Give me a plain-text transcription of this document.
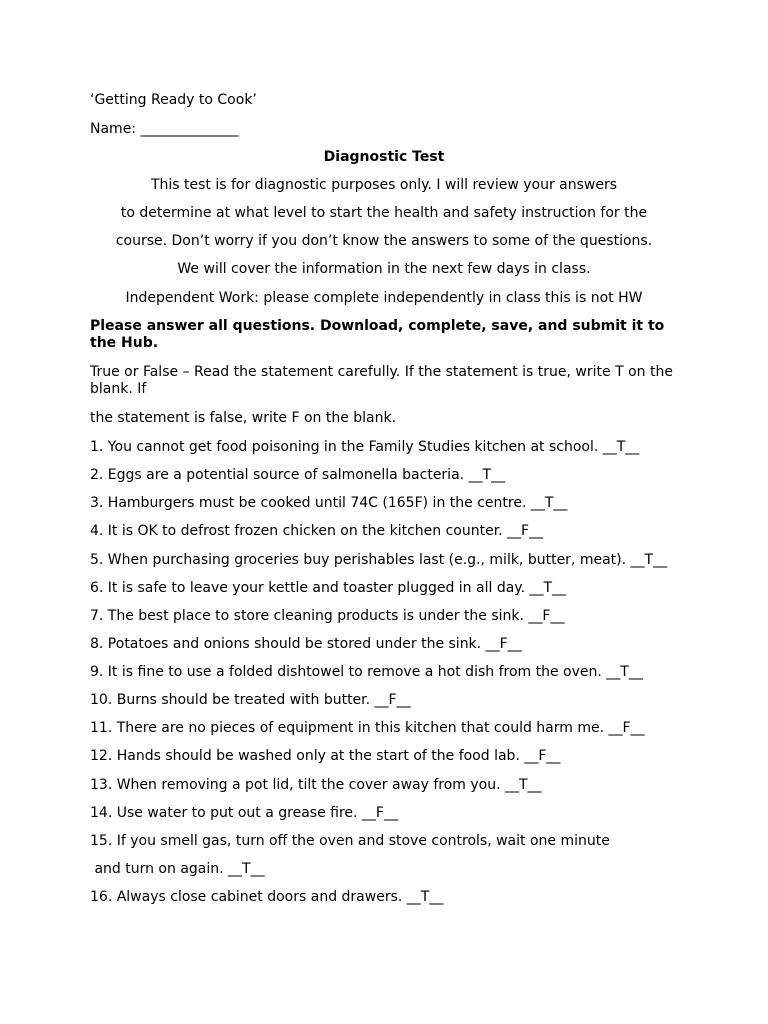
‘Getting Ready to Cook’
Name: ______________
Diagnostic Test
This test is for diagnostic purposes only. I will review your answers
to determine at what level to start the health and safety instruction for the
course. Don’t worry if you don’t know the answers to some of the questions.
We will cover the information in the next few days in class.
Independent Work: please complete independently in class this is not HW
Please answer all questions. Download, complete, save, and submit it to the Hub.
True or False – Read the statement carefully. If the statement is true, write T on the blank. If
the statement is false, write F on the blank.
1. You cannot get food poisoning in the Family Studies kitchen at school. __T__
2. Eggs are a potential source of salmonella bacteria. __T__
3. Hamburgers must be cooked until 74C (165F) in the centre. __T__
4. It is OK to defrost frozen chicken on the kitchen counter. __F__
5. When purchasing groceries buy perishables last (e.g., milk, butter, meat). __T__
6. It is safe to leave your kettle and toaster plugged in all day. __T__
7. The best place to store cleaning products is under the sink. __F__
8. Potatoes and onions should be stored under the sink. __F__
9. It is fine to use a folded dishtowel to remove a hot dish from the oven. __T__
10. Burns should be treated with butter. __F__
11. There are no pieces of equipment in this kitchen that could harm me. __F__
12. Hands should be washed only at the start of the food lab. __F__
13. When removing a pot lid, tilt the cover away from you. __T__
14. Use water to put out a grease fire. __F__
15. If you smell gas, turn off the oven and stove controls, wait one minute
and turn on again. __T__
16. Always close cabinet doors and drawers. __T__
